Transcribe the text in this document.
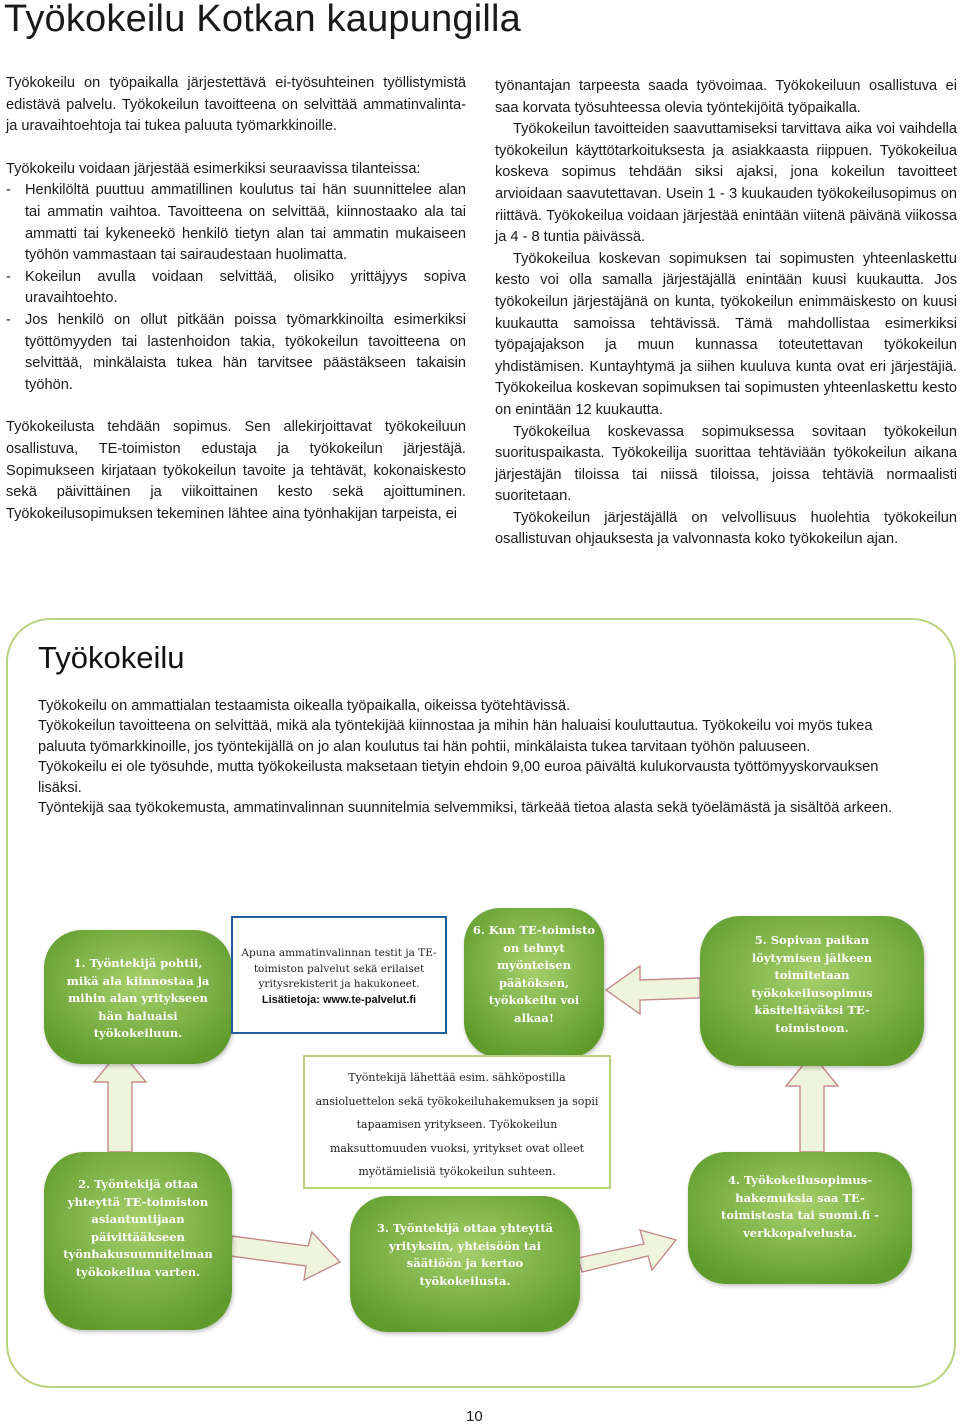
Työkokeilu Kotkan kaupungilla

Työkokeilu on työpaikalla järjestettävä ei-työsuhteinen työllistymistä edistävä palvelu. Työkokeilun tavoitteena on selvittää ammatinvalinta- ja uravaihtoehtoja tai tukea paluuta työmarkkinoille.

Työkokeilu voidaan järjestää esimerkiksi seuraavissa tilanteissa:

- Henkilöltä puuttuu ammatillinen koulutus tai hän suunnittelee alan tai ammatin vaihtoa. Tavoitteena on selvittää, kiinnostaako ala tai ammatti tai kykeneekö henkilö tietyn alan tai ammatin mukaiseen työhön vammastaan tai sairaudestaan huolimatta.
- Kokeilun avulla voidaan selvittää, olisiko yrittäjyys sopiva uravaihtoehto.
- Jos henkilö on ollut pitkään poissa työmarkkinoilta esimerkiksi työttömyyden tai lastenhoidon takia, työkokeilun tavoitteena on selvittää, minkälaista tukea hän tarvitsee päästäkseen takaisin työhön.

Työkokeilusta tehdään sopimus. Sen allekirjoittavat työkokeiluun osallistuva, TE-toimiston edustaja ja työkokeilun järjestäjä. Sopimukseen kirjataan työkokeilun tavoite ja tehtävät, kokonaiskesto sekä päivittäinen ja viikoittainen kesto sekä ajoittuminen. Työkokeilusopimuksen tekeminen lähtee aina työnhakijan tarpeista, ei

työnantajan tarpeesta saada työvoimaa. Työkokeiluun osallistuva ei saa korvata työsuhteessa olevia työntekijöitä työpaikalla.

Työkokeilun tavoitteiden saavuttamiseksi tarvittava aika voi vaihdella työkokeilun käyttötarkoituksesta ja asiakkaasta riippuen. Työkokeilua koskeva sopimus tehdään siksi ajaksi, jona kokeilun tavoitteet arvioidaan saavutettavan. Usein 1 - 3 kuukauden työkokeilusopimus on riittävä. Työkokeilua voidaan järjestää enintään viitenä päivänä viikossa ja 4 - 8 tuntia päivässä.

Työkokeilua koskevan sopimuksen tai sopimusten yhteenlaskettu kesto voi olla samalla järjestäjällä enintään kuusi kuukautta. Jos työkokeilun järjestäjänä on kunta, työkokeilun enimmäiskesto on kuusi kuukautta samoissa tehtävissä. Tämä mahdollistaa esimerkiksi työpajajakson ja muun kunnassa toteutettavan työkokeilun yhdistämisen. Kuntayhtymä ja siihen kuuluva kunta ovat eri järjestäjiä. Työkokeilua koskevan sopimuksen tai sopimusten yhteenlaskettu kesto on enintään 12 kuukautta.

Työkokeilua koskevassa sopimuksessa sovitaan työkokeilun suorituspaikasta. Työkokeilija suorittaa tehtäviään työkokeilun aikana järjestäjän tiloissa tai niissä tiloissa, joissa tehtäviä normaalisti suoritetaan.

Työkokeilun järjestäjällä on velvollisuus huolehtia työkokeilun osallistuvan ohjauksesta ja valvonnasta koko työkokeilun ajan.

Työkokeilu

Työkokeilu on ammattialan testaamista oikealla työpaikalla, oikeissa työtehtävissä.

Työkokeilun tavoitteena on selvittää, mikä ala työntekijää kiinnostaa ja mihin hän haluaisi kouluttautua. Työkokeilu voi myös tukea paluuta työmarkkinoille, jos työntekijällä on jo alan koulutus tai hän pohtii, minkälaista tukea tarvitaan työhön paluuseen.

Työkokeilu ei ole työsuhde, mutta työkokeilusta maksetaan tietyin ehdoin 9,00 euroa päivältä kulukorvausta työttömyyskorvauksen lisäksi.

Työntekijä saa työkokemusta, ammatinvalinnan suunnitelmia selvemmiksi, tärkeää tietoa alasta sekä työelämästä ja sisältöä arkeen.

1. Työntekijä pohtii, mikä ala kiinnostaa ja mihin alan yritykseen hän haluaisi työkokeiluun.
2. Työntekijä ottaa yhteyttä TE-toimiston asiantuntijaan päivittääkseen työnhakusuunnitelman työkokeilua varten.
3. Työntekijä ottaa yhteyttä yrityksiin, yhteisöön tai säätiöön ja kertoo työkokeilusta.
4. Työkokeilusopimus-hakemuksia saa TE-toimistosta tai suomi.fi -verkkopalvelusta.
5. Sopivan paikan löytymisen jälkeen toimitetaan työkokeilusopimus käsiteltäväksi TE-toimistoon.
6. Kun TE-toimisto on tehnyt myönteisen päätöksen, työkokeilu voi alkaa!
Apuna ammatinvalinnan testit ja TE-toimiston palvelut sekä erilaiset yritysrekisterit ja hakukoneet.
Lisätietoja: www.te-palvelut.fi
Työntekijä lähettää esim. sähköpostilla ansioluettelon sekä työkokeiluhakemuksen ja sopii tapaamisen yritykseen. Työkokeilun maksuttomuuden vuoksi, yritykset ovat olleet myötämielisiä työkokeilun suhteen.
10
